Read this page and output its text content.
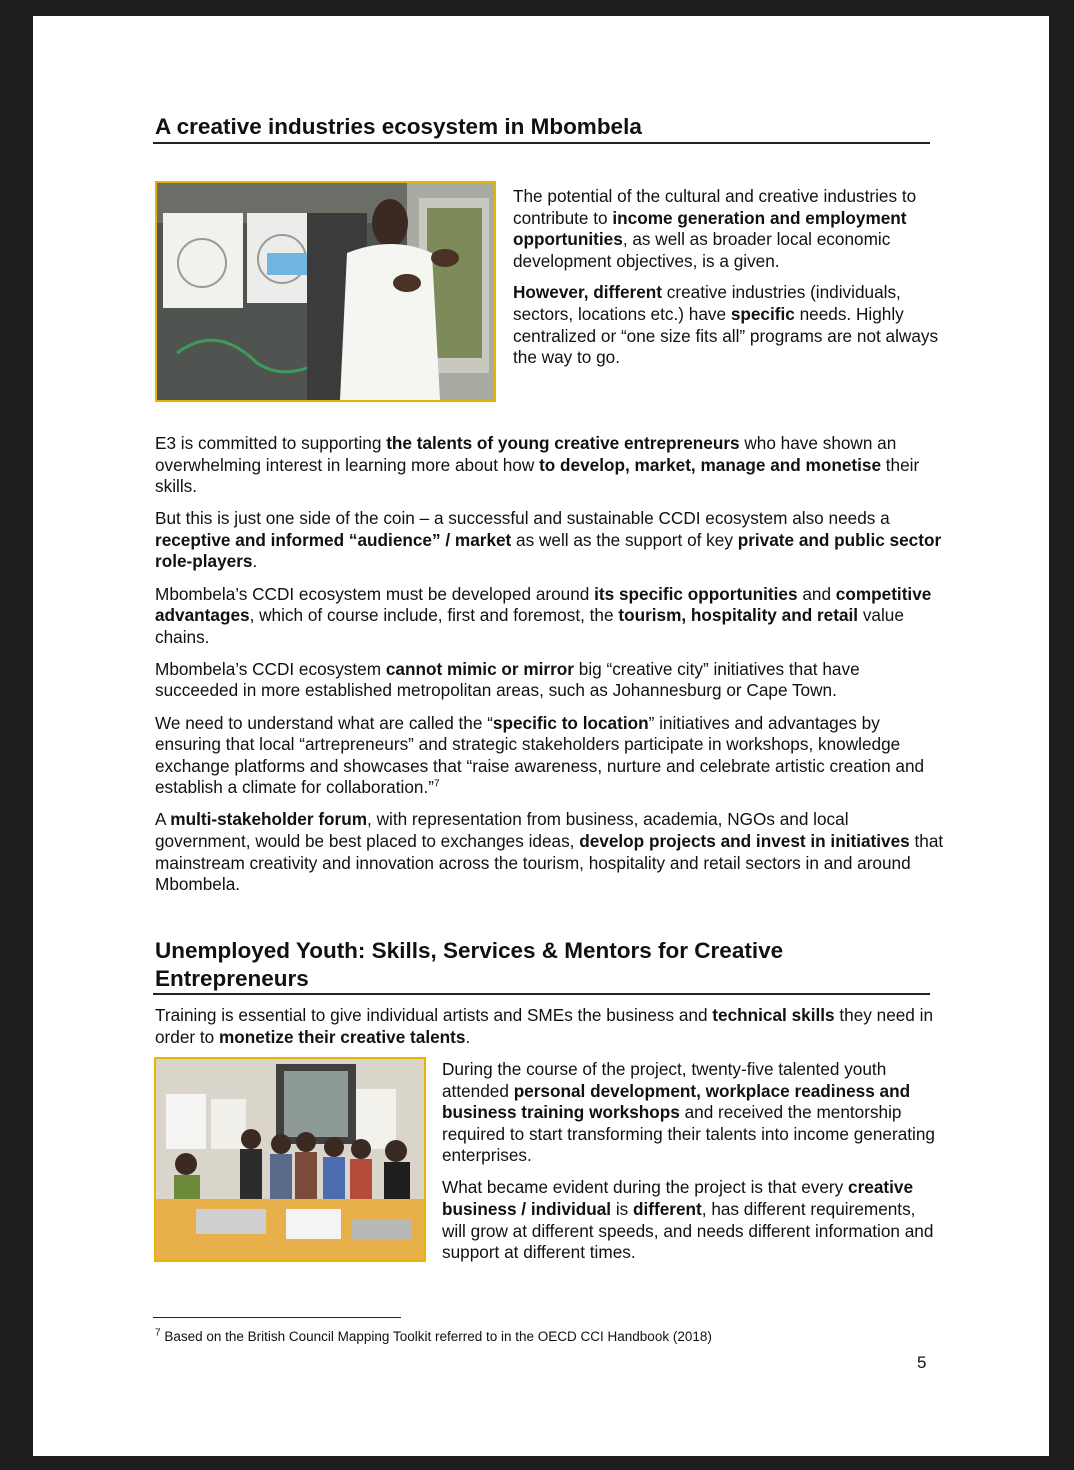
A creative industries ecosystem in Mbombela

The potential of the cultural and creative industries to contribute to income generation and employment opportunities, as well as broader local economic development objectives, is a given.

However, different creative industries (individuals, sectors, locations etc.) have specific needs. Highly centralized or “one size fits all” programs are not always the way to go.

E3 is committed to supporting the talents of young creative entrepreneurs who have shown an overwhelming interest in learning more about how to develop, market, manage and monetise their skills.

But this is just one side of the coin – a successful and sustainable CCDI ecosystem also needs a receptive and informed “audience” / market as well as the support of key private and public sector role-players.

Mbombela’s CCDI ecosystem must be developed around its specific opportunities and competitive advantages, which of course include, first and foremost, the tourism, hospitality and retail value chains.

Mbombela’s CCDI ecosystem cannot mimic or mirror big “creative city” initiatives that have succeeded in more established metropolitan areas, such as Johannesburg or Cape Town.

We need to understand what are called the “specific to location” initiatives and advantages by ensuring that local “artrepreneurs” and strategic stakeholders participate in workshops, knowledge exchange platforms and showcases that “raise awareness, nurture and celebrate artistic creation and establish a climate for collaboration.”$^7$

A multi-stakeholder forum, with representation from business, academia, NGOs and local government, would be best placed to exchanges ideas, develop projects and invest in initiatives that mainstream creativity and innovation across the tourism, hospitality and retail sectors in and around Mbombela.

Unemployed Youth: Skills, Services & Mentors for Creative
Entrepreneurs

Training is essential to give individual artists and SMEs the business and technical skills they need in order to monetize their creative talents.

During the course of the project, twenty-five talented youth attended personal development, workplace readiness and business training workshops and received the mentorship required to start transforming their talents into income generating enterprises.

What became evident during the project is that every creative business / individual is different, has different requirements, will grow at different speeds, and needs different information and support at different times.

$^7$ Based on the British Council Mapping Toolkit referred to in the OECD CCI Handbook (2018)
5
